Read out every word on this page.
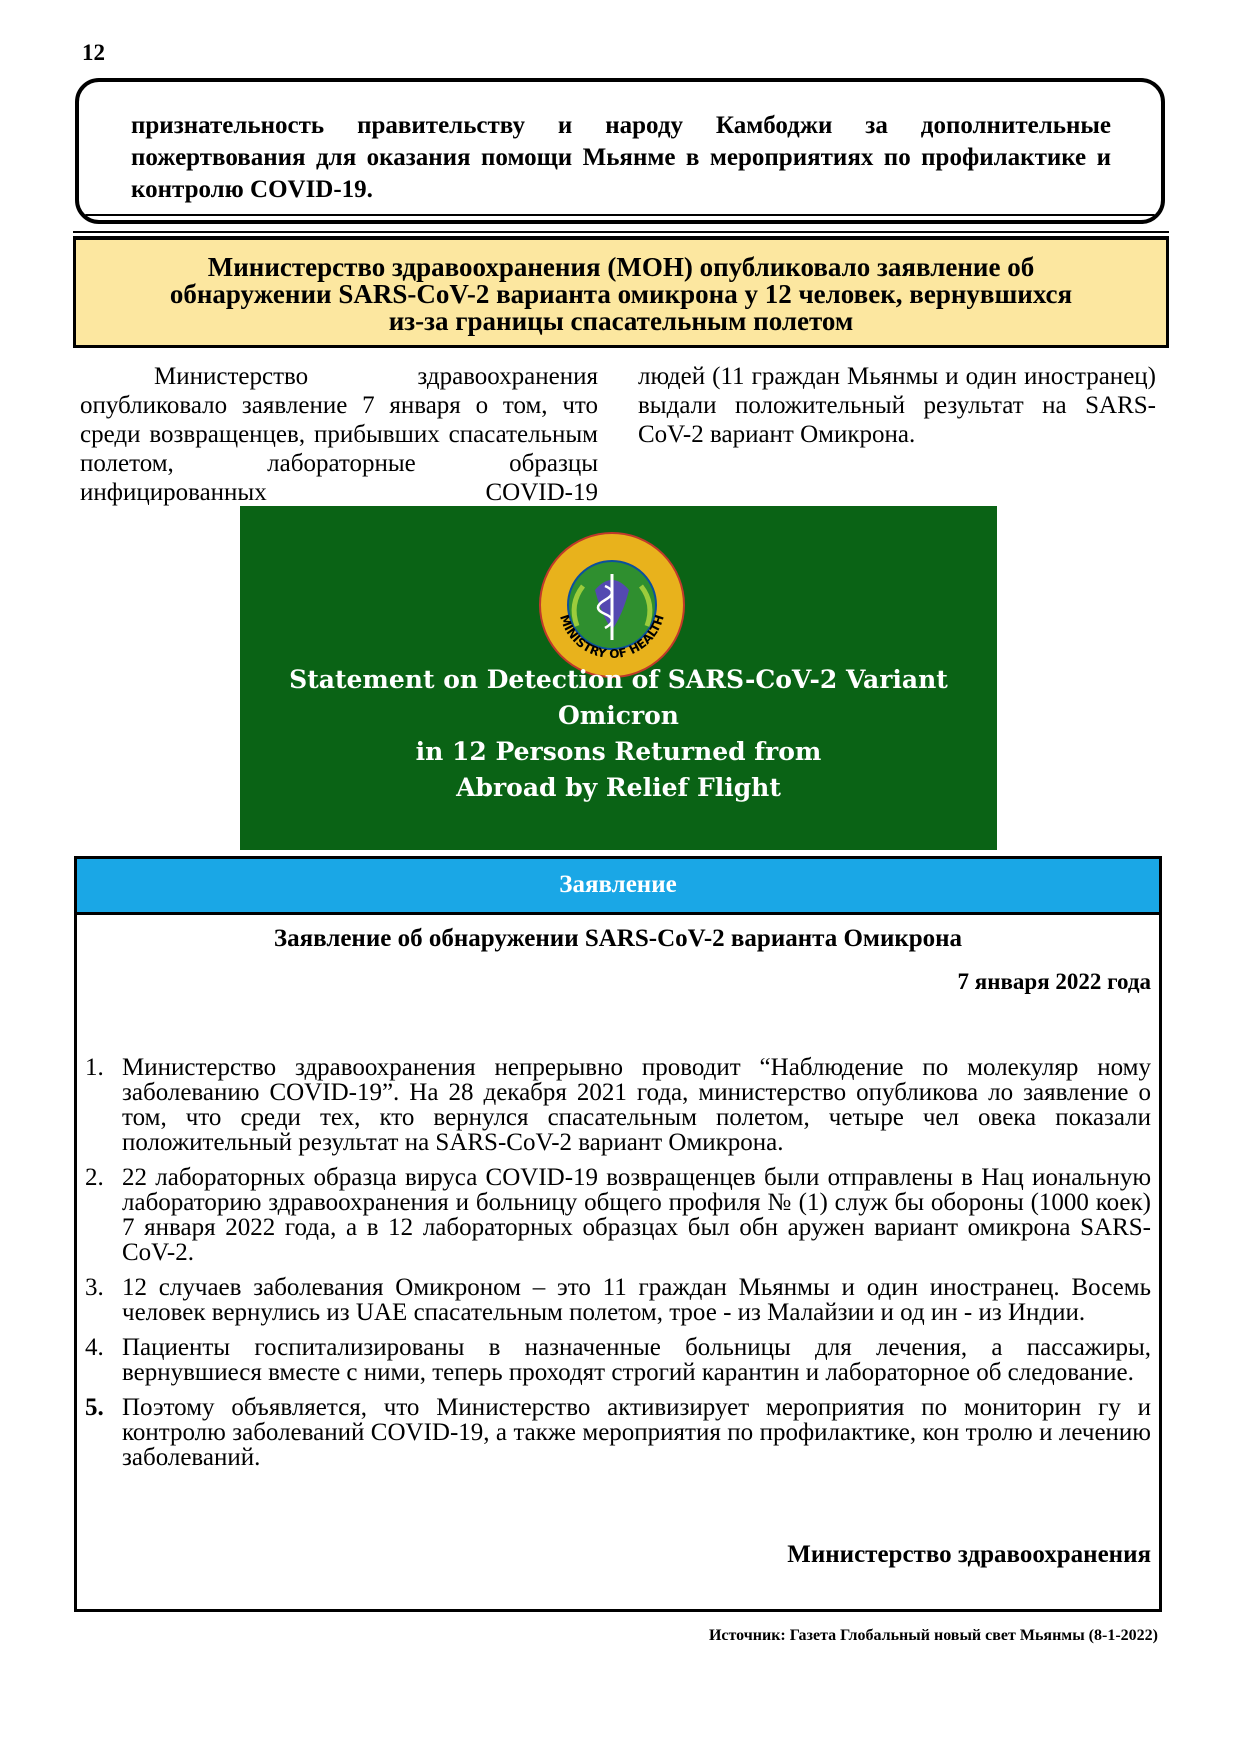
12
признательность правительству и народу Камбоджи за дополнительные пожертвования для оказания помощи Мьянме в мероприятиях по профилактике и контролю COVID-19.
Министерство здравоохранения (МОН) опубликовало заявление об
обнаружении SARS-CoV-2 варианта омикрона у 12 человек, вернувшихся
из-за границы спасательным полетом
Министерство здравоохранения опубликовало заявление 7 января о том, что среди возвращенцев, прибывших спасательным полетом, лабораторные образцы инфицированных COVID-19
людей (11 граждан Мьянмы и один иностранец) выдали положительный результат на SARS-CoV-2 вариант Омикрона.
MINISTRY OF HEALTH
Statement on Detection of SARS-CoV-2 Variant Omicron
in 12 Persons Returned from
Abroad by Relief Flight
Заявление
Заявление об обнаружении SARS-CoV-2 варианта Омикрона
7 января 2022 года
1. Министерство здравоохранения непрерывно проводит “Наблюдение по молекуляр ному заболеванию COVID-19”. На 28 декабря 2021 года, министерство опубликова ло заявление о том, что среди тех, кто вернулся спасательным полетом, четыре чел овека показали положительный результат на SARS-CoV-2 вариант Омикрона.
2. 22 лабораторных образца вируса COVID-19 возвращенцев были отправлены в Нац иональную лабораторию здравоохранения и больницу общего профиля № (1) служ бы обороны (1000 коек) 7 января 2022 года, а в 12 лабораторных образцах был обн аружен вариант омикрона SARS-CoV-2.
3. 12 случаев заболевания Омикроном – это 11 граждан Мьянмы и один иностранец. Восемь человек вернулись из UAE спасательным полетом, трое - из Малайзии и од ин - из Индии.
4. Пациенты госпитализированы в назначенные больницы для лечения, а пассажиры, вернувшиеся вместе с ними, теперь проходят строгий карантин и лабораторное об следование.
5. Поэтому объявляется, что Министерство активизирует мероприятия по мониторин гу и контролю заболеваний COVID-19, а также мероприятия по профилактике, кон тролю и лечению заболеваний.
Министерство здравоохранения
Источник: Газета Глобальный новый свет Мьянмы (8-1-2022)
